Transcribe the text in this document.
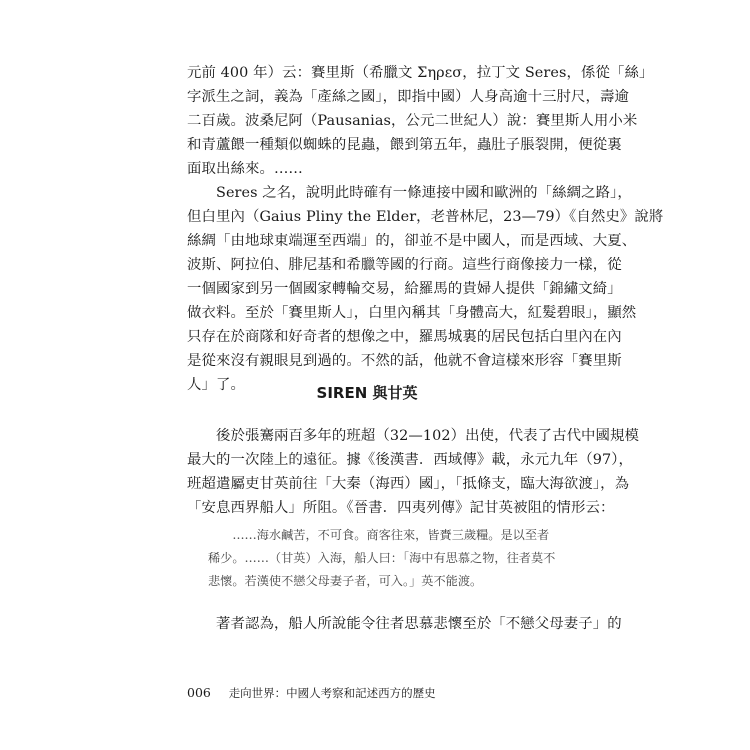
元前 400 年）云：賽里斯（希臘文 Σηρεσ，拉丁文 Seres，係從「絲」
字派生之詞，義為「產絲之國」，即指中國）人身高逾十三肘尺，壽逾
二百歲。波桑尼阿（Pausanias，公元二世紀人）說：賽里斯人用小米
和青蘆餵一種類似蜘蛛的昆蟲，餵到第五年，蟲肚子脹裂開，便從裏
面取出絲來。……
　　Seres 之名，說明此時確有一條連接中國和歐洲的「絲綢之路」，
但白里內（Gaius Pliny the Elder，老普林尼，23—79）《自然史》說將
絲綢「由地球東端運至西端」的，卻並不是中國人，而是西域、大夏、
波斯、阿拉伯、腓尼基和希臘等國的行商。這些行商像接力一樣，從
一個國家到另一個國家轉輪交易，給羅馬的貴婦人提供「錦繡文綺」
做衣料。至於「賽里斯人」，白里內稱其「身體高大，紅髮碧眼」，顯然
只存在於商隊和好奇者的想像之中，羅馬城裏的居民包括白里內在內
是從來沒有親眼見到過的。不然的話，他就不會這樣來形容「賽里斯
人」了。	SIREN 與甘英
　　後於張騫兩百多年的班超（32—102）出使，代表了古代中國規模
最大的一次陸上的遠征。據《後漢書．西域傳》載，永元九年（97），
班超遣屬吏甘英前往「大秦（海西）國」，「抵條支，臨大海欲渡」，為
「安息西界船人」所阻。《晉書．四夷列傳》記甘英被阻的情形云：
　　……海水鹹苦，不可食。商客往來，皆賚三歲糧。是以至者
稀少。……（甘英）入海，船人曰：「海中有思慕之物，往者莫不
悲懷。若漢使不戀父母妻子者，可入。」英不能渡。
　　著者認為，船人所說能令往者思慕悲懷至於「不戀父母妻子」的
006 走向世界：中國人考察和記述西方的歷史
